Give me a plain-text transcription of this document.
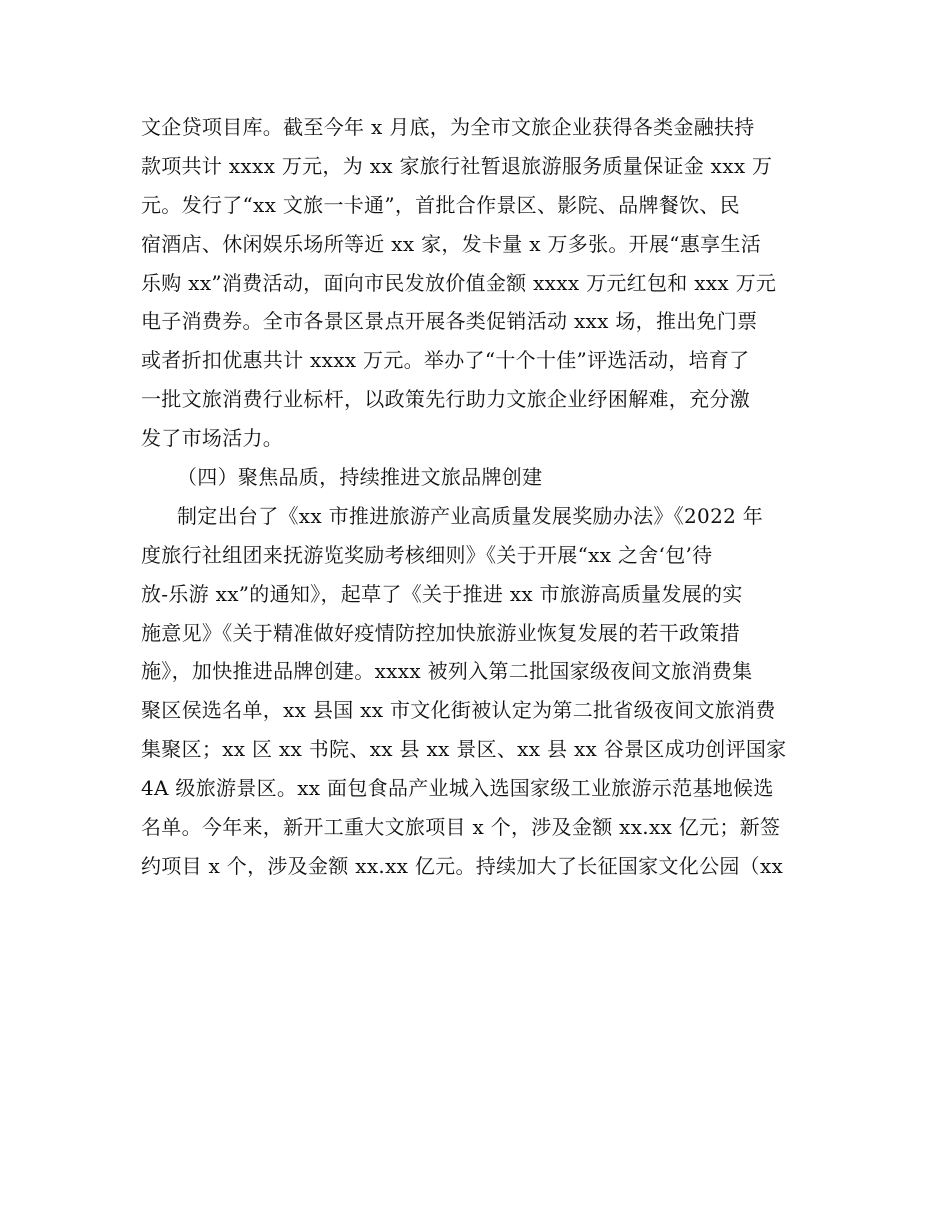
文企贷项目库。截至今年 x 月底，为全市文旅企业获得各类金融扶持
款项共计 xxxx 万元，为 xx 家旅行社暂退旅游服务质量保证金 xxx 万
元。发行了“xx 文旅一卡通”，首批合作景区、影院、品牌餐饮、民
宿酒店、休闲娱乐场所等近 xx 家，发卡量 x 万多张。开展“惠享生活
乐购 xx”消费活动，面向市民发放价值金额 xxxx 万元红包和 xxx 万元
电子消费券。全市各景区景点开展各类促销活动 xxx 场，推出免门票
或者折扣优惠共计 xxxx 万元。举办了“十个十佳”评选活动，培育了
一批文旅消费行业标杆，以政策先行助力文旅企业纾困解难，充分激
发了市场活力。
（四）聚焦品质，持续推进文旅品牌创建
制定出台了《xx 市推进旅游产业高质量发展奖励办法》《2022 年
度旅行社组团来抚游览奖励考核细则》《关于开展“xx 之舍‘包’待
放-乐游 xx”的通知》，起草了《关于推进 xx 市旅游高质量发展的实
施意见》《关于精准做好疫情防控加快旅游业恢复发展的若干政策措
施》，加快推进品牌创建。xxxx 被列入第二批国家级夜间文旅消费集
聚区侯选名单，xx 县国 xx 市文化街被认定为第二批省级夜间文旅消费
集聚区；xx 区 xx 书院、xx 县 xx 景区、xx 县 xx 谷景区成功创评国家
4A 级旅游景区。xx 面包食品产业城入选国家级工业旅游示范基地候选
名单。今年来，新开工重大文旅项目 x 个，涉及金额 xx.xx 亿元；新签
约项目 x 个，涉及金额 xx.xx 亿元。持续加大了长征国家文化公园（xx
